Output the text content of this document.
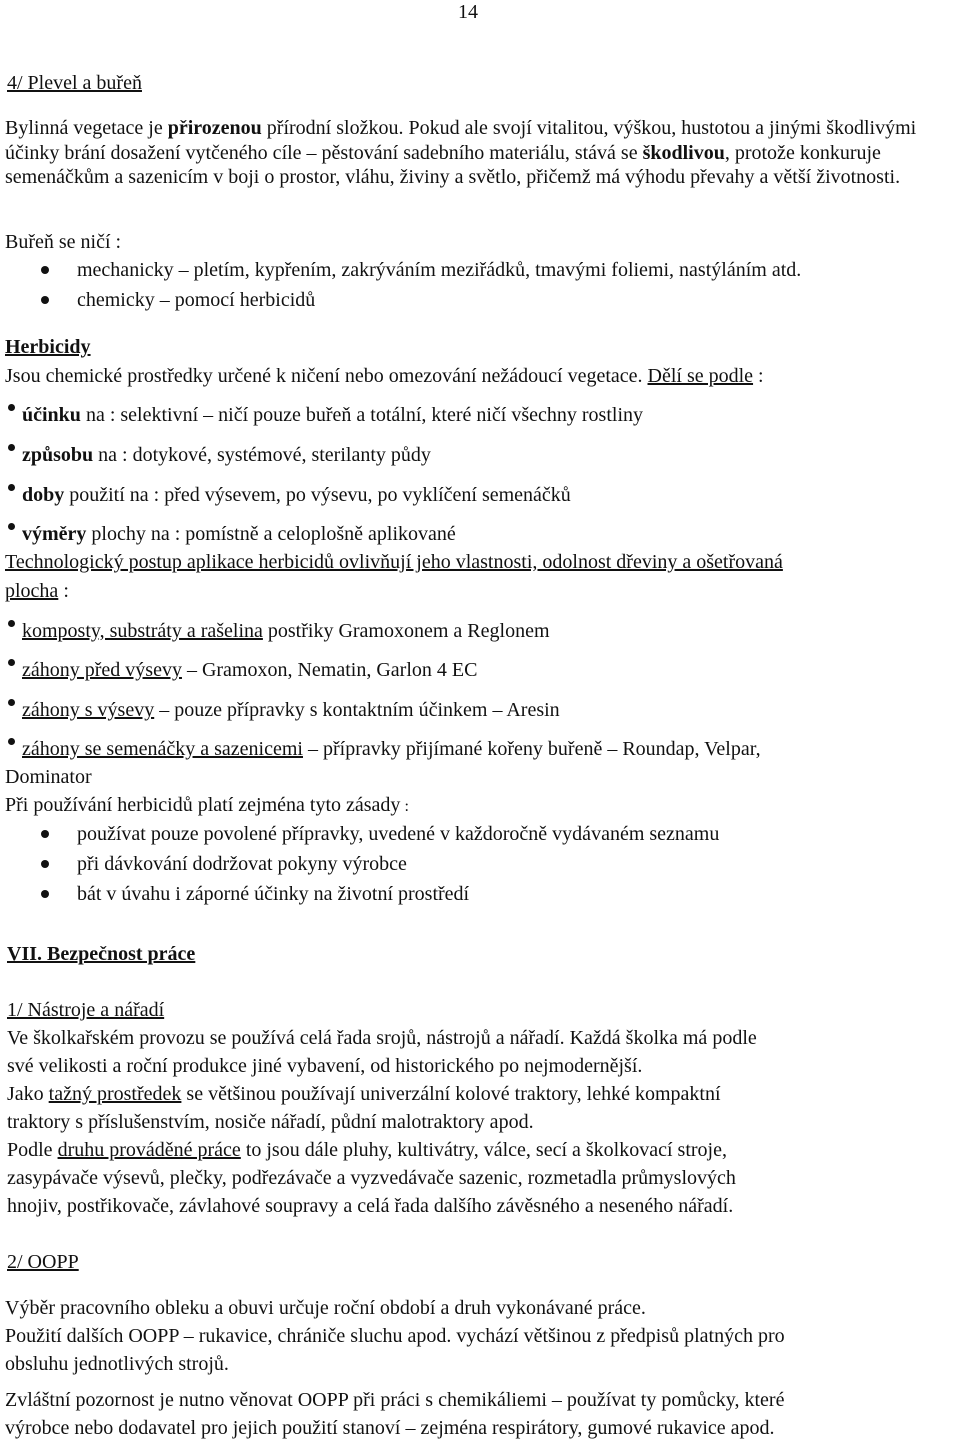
14
4/ Plevel a buřeň
Bylinná vegetace je přirozenou přírodní složkou. Pokud ale svojí vitalitou, výškou, hustotou a jinými škodlivými účinky brání dosažení vytčeného cíle – pěstování sadebního materiálu, stává se škodlivou, protože konkuruje semenáčkům a sazenicím v boji o prostor, vláhu, živiny a světlo, přičemž má výhodu převahy a větší životnosti.
Buřeň se ničí :
mechanicky – pletím, kypřením, zakrýváním meziřádků, tmavými foliemi, nastýláním atd.
chemicky – pomocí herbicidů
Herbicidy
Jsou chemické prostředky určené k ničení nebo omezování nežádoucí vegetace. Dělí se podle :
účinku na : selektivní – ničí pouze buřeň a totální, které ničí všechny rostliny
způsobu na : dotykové, systémové, sterilanty půdy
doby použití na : před výsevem, po výsevu, po vyklíčení semenáčků
výměry plochy na : pomístně a celoplošně aplikované
Technologický postup aplikace herbicidů ovlivňují jeho vlastnosti, odolnost dřeviny a ošetřovaná
plocha :
komposty, substráty a rašelina postřiky Gramoxonem a Reglonem
záhony před výsevy – Gramoxon, Nematin, Garlon 4 EC
záhony s výsevy – pouze přípravky s kontaktním účinkem – Aresin
záhony se semenáčky a sazenicemi – přípravky přijímané kořeny buřeně – Roundap, Velpar,
Dominator
Při používání herbicidů platí zejména tyto zásady :
používat pouze povolené přípravky, uvedené v každoročně vydávaném seznamu
při dávkování dodržovat pokyny výrobce
bát v úvahu i záporné účinky na životní prostředí
VII. Bezpečnost práce
1/ Nástroje a nářadí
Ve školkařském provozu se používá celá řada srojů, nástrojů a nářadí. Každá školka má podle
své velikosti a roční produkce jiné vybavení, od historického po nejmodernější.
Jako tažný prostředek se většinou používají univerzální kolové traktory, lehké kompaktní
traktory s příslušenstvím, nosiče nářadí, půdní malotraktory apod.
Podle druhu prováděné práce to jsou dále pluhy, kultivátry, válce, secí a školkovací stroje,
zasypávače výsevů, plečky, podřezávače a vyzvedávače sazenic, rozmetadla průmyslových
hnojiv, postřikovače, závlahové soupravy a celá řada dalšího závěsného a neseného nářadí.
2/ OOPP
Výběr pracovního obleku a obuvi určuje roční období a druh vykonávané práce.
Použití dalších OOPP – rukavice, chrániče sluchu apod. vychází většinou z předpisů platných pro
obsluhu jednotlivých strojů.
Zvláštní pozornost je nutno věnovat OOPP při práci s chemikáliemi – používat ty pomůcky, které
výrobce nebo dodavatel pro jejich použití stanoví – zejména respirátory, gumové rukavice apod.
